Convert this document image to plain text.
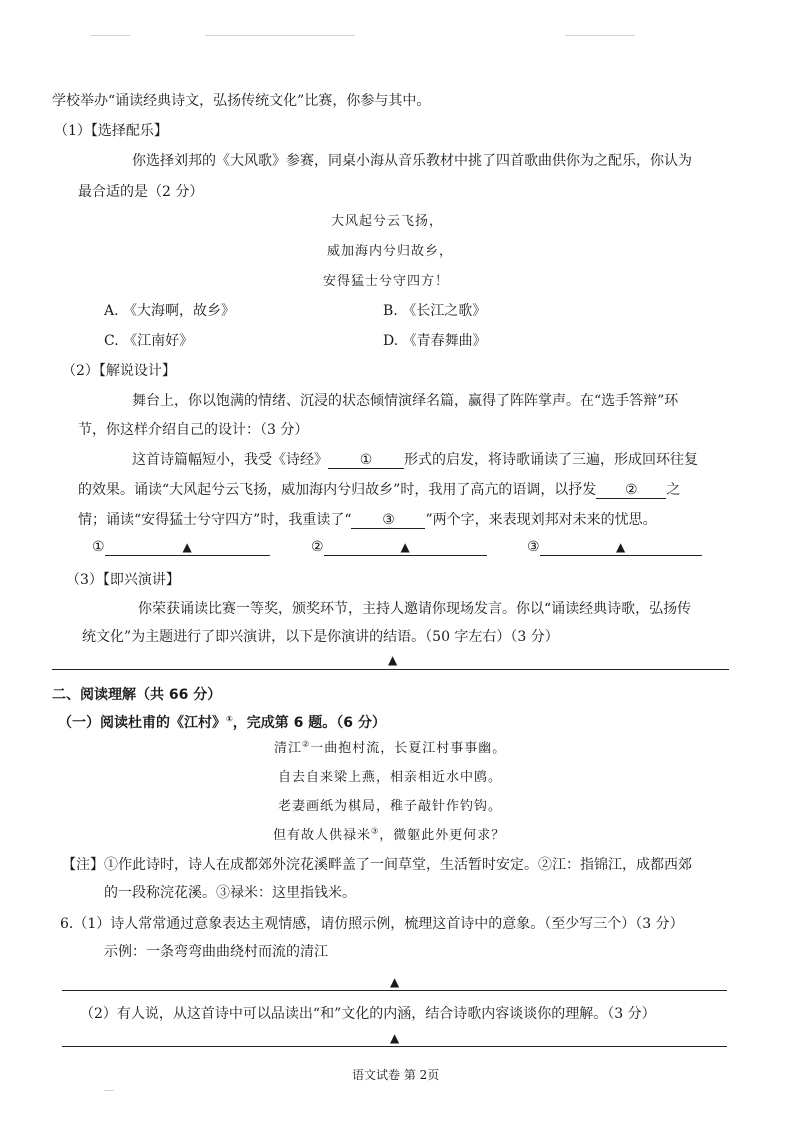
学校举办“诵读经典诗文，弘扬传统文化”比赛，你参与其中。
（1）【选择配乐】
你选择刘邦的《大风歌》参赛，同桌小海从音乐教材中挑了四首歌曲供你为之配乐，你认为
最合适的是（2 分）
大风起兮云飞扬，
威加海内兮归故乡，
安得猛士兮守四方！
A. 《大海啊，故乡》	B. 《长江之歌》
C. 《江南好》	D. 《青春舞曲》
（2）【解说设计】
舞台上，你以饱满的情绪、沉浸的状态倾情演绎名篇，赢得了阵阵掌声。在“选手答辩”环
节，你这样介绍自己的设计：（3 分）
这首诗篇幅短小，我受《诗经》 ① 形式的启发，将诗歌诵读了三遍，形成回环往复
的效果。诵读“大风起兮云飞扬，威加海内兮归故乡”时，我用了高亢的语调，以抒发 ② 之
情；诵读“安得猛士兮守四方”时，我重读了“ ③ ”两个字，来表现刘邦对未来的忧思。
①	▲	②	▲	③	▲
（3）【即兴演讲】
你荣获诵读比赛一等奖，颁奖环节，主持人邀请你现场发言。你以“诵读经典诗歌，弘扬传
统文化”为主题进行了即兴演讲，以下是你演讲的结语。（50 字左右）（3 分）
▲
二、阅读理解（共 66 分）
（一）阅读杜甫的《江村》①，完成第 6 题。（6 分）
清江②一曲抱村流，长夏江村事事幽。
自去自来梁上燕，相亲相近水中鸥。
老妻画纸为棋局，稚子敲针作钓钩。
但有故人供禄米③，微躯此外更何求？
【注】①作此诗时，诗人在成都郊外浣花溪畔盖了一间草堂，生活暂时安定。②江：指锦江，成都西郊
的一段称浣花溪。③禄米：这里指钱米。
6.（1）诗人常常通过意象表达主观情感，请仿照示例，梳理这首诗中的意象。（至少写三个）（3 分）
示例：一条弯弯曲曲绕村而流的清江
▲
（2）有人说，从这首诗中可以品读出“和”文化的内涵，结合诗歌内容谈谈你的理解。（3 分）
▲
语文试卷 第 2页
